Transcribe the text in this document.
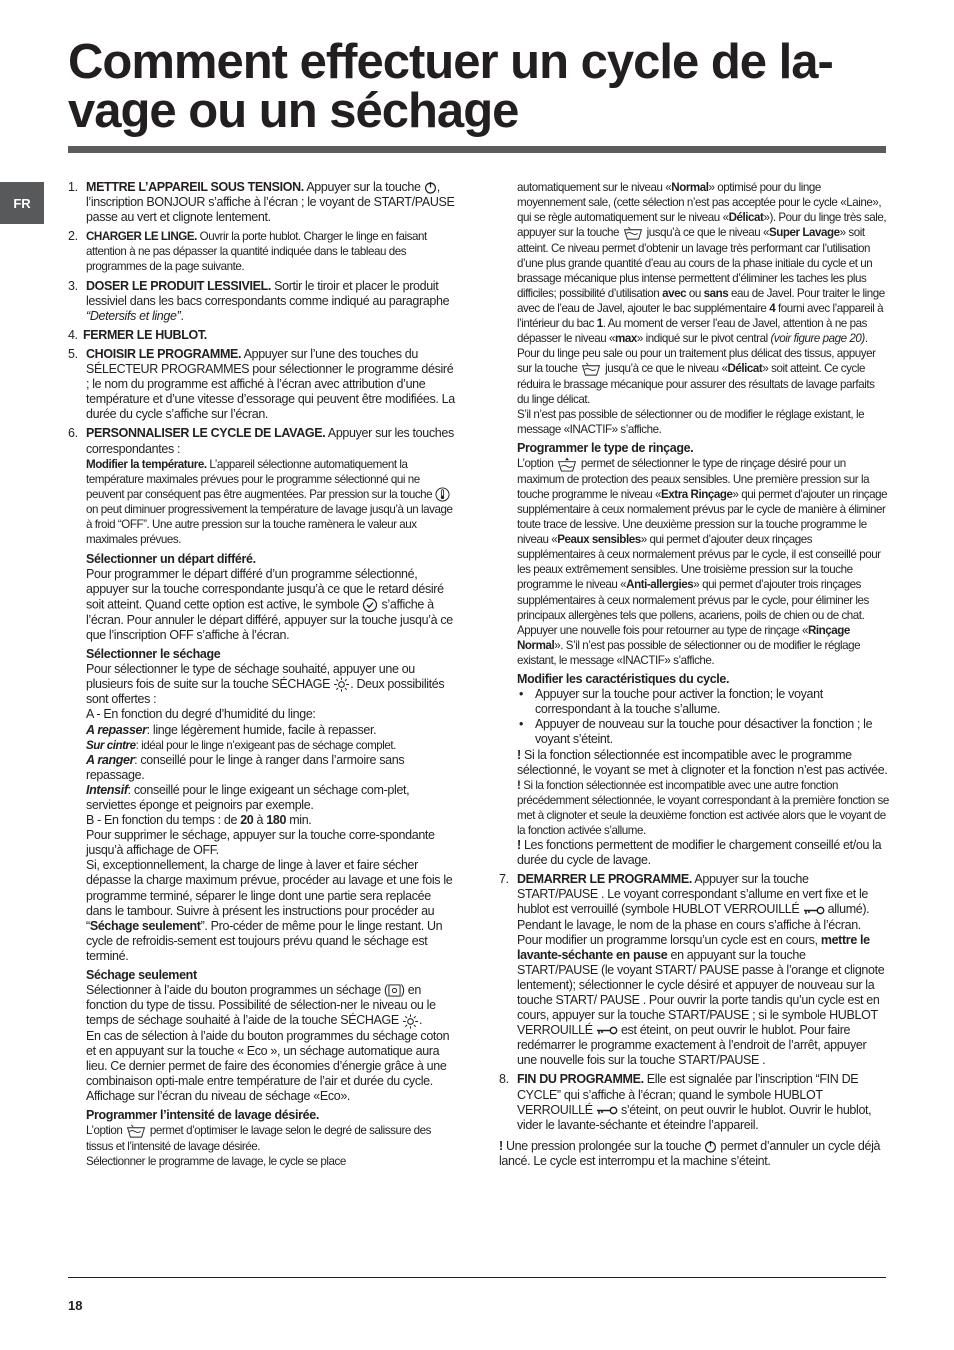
Comment effectuer un cycle de la-vage ou un séchage
FR
1. METTRE L’APPAREIL SOUS TENSION. Appuyer sur la touche , l’inscription BONJOUR s’affiche à l’écran ; le voyant de START/PAUSE passe au vert et clignote lentement.
2. CHARGER LE LINGE. Ouvrir la porte hublot. Charger le linge en faisant attention à ne pas dépasser la quantité indiquée dans le tableau des programmes de la page suivante.
3. DOSER LE PRODUIT LESSIVIEL. Sortir le tiroir et placer le produit lessiviel dans les bacs correspondants comme indiqué au paragraphe “Detersifs et linge”.
4. FERMER LE HUBLOT.
5. CHOISIR LE PROGRAMME. Appuyer sur l’une des touches du SÉLECTEUR PROGRAMMES pour sélectionner le programme désiré ; le nom du programme est affiché à l’écran avec attribution d’une température et d’une vitesse d’essorage qui peuvent être modifiées. La durée du cycle s’affiche sur l’écran.
6. PERSONNALISER LE CYCLE DE LAVAGE. Appuyer sur les touches correspondantes :
Modifier la température. L’appareil sélectionne automatiquement la température maximales prévues pour le programme sélectionné qui ne peuvent par conséquent pas être augmentées. Par pression sur la touche  on peut diminuer progressivement la température de lavage jusqu’à un lavage à froid “OFF”. Une autre pression sur la touche ramènera le valeur aux maximales prévues.
Sélectionner un départ différé.
Pour programmer le départ différé d’un programme sélectionné, appuyer sur la touche correspondante jusqu’à ce que le retard désiré soit atteint. Quand cette option est active, le symbole  s’affiche à l’écran. Pour annuler le départ différé, appuyer sur la touche jusqu’à ce que l’inscription OFF s’affiche à l’écran.
Sélectionner le séchage
Pour sélectionner le type de séchage souhaité, appuyer une ou plusieurs fois de suite sur la touche SÉCHAGE . Deux possibilités sont offertes :
A - En fonction du degré d’humidité du linge:
A repasser: linge légèrement humide, facile à repasser.
Sur cintre: idéal pour le linge n’exigeant pas de séchage complet.
A ranger: conseillé pour le linge à ranger dans l’armoire sans repassage.
Intensif: conseillé pour le linge exigeant un séchage com-plet, serviettes éponge et peignoirs par exemple.
B - En fonction du temps : de 20 à 180 min.
Pour supprimer le séchage, appuyer sur la touche corre-spondante jusqu’à affichage de OFF.
Si, exceptionnellement, la charge de linge à laver et faire sécher dépasse la charge maximum prévue, procéder au lavage et une fois le programme terminé, séparer le linge dont une partie sera replacée dans le tambour. Suivre à présent les instructions pour procéder au “Séchage seulement”. Pro-céder de même pour le linge restant. Un cycle de refroidis-sement est toujours prévu quand le séchage est terminé.
Séchage seulement
Sélectionner à l’aide du bouton programmes un séchage ( ) en fonction du type de tissu. Possibilité de sélection-ner le niveau ou le temps de séchage souhaité à l’aide de la touche SÉCHAGE .
En cas de sélection à l’aide du bouton programmes du séchage coton et en appuyant sur la touche « Eco », un séchage automatique aura lieu. Ce dernier permet de faire des économies d’énergie grâce à une combinaison opti-male entre température de l’air et durée du cycle. Affichage sur l’écran du niveau de séchage «Eco».
Programmer l’intensité de lavage désirée.
L’option  permet d’optimiser le lavage selon le degré de salissure des tissus et l’intensité de lavage désirée.
Sélectionner le programme de lavage, le cycle se place
automatiquement sur le niveau «Normal» optimisé pour du linge moyennement sale, (cette sélection n’est pas acceptée pour le cycle «Laine», qui se règle automatiquement sur le niveau «Délicat»). Pour du linge très sale, appuyer sur la touche  jusqu’à ce que le niveau «Super Lavage» soit atteint. Ce niveau permet d’obtenir un lavage très performant car l’utilisation d’une plus grande quantité d’eau au cours de la phase initiale du cycle et un brassage mécanique plus intense permettent d’éliminer les taches les plus difficiles; possibilité d’utilisation avec ou sans eau de Javel. Pour traiter le linge avec de l’eau de Javel, ajouter le bac supplémentaire 4 fourni avec l’appareil à l’intérieur du bac 1. Au moment de verser l’eau de Javel, attention à ne pas dépasser le niveau «max» indiqué sur le pivot central (voir figure page 20). Pour du linge peu sale ou pour un traitement plus délicat des tissus, appuyer sur la touche  jusqu’à ce que le niveau «Délicat» soit atteint. Ce cycle réduira le brassage mécanique pour assurer des résultats de lavage parfaits du linge délicat.
S’il n’est pas possible de sélectionner ou de modifier le réglage existant, le message «INACTIF» s’affiche.
Programmer le type de rinçage.
L’option  permet de sélectionner le type de rinçage désiré pour un maximum de protection des peaux sensibles. Une première pression sur la touche programme le niveau «Extra Rinçage» qui permet d’ajouter un rinçage supplémentaire à ceux normalement prévus par le cycle de manière à éliminer toute trace de lessive. Une deuxième pression sur la touche programme le niveau «Peaux sensibles» qui permet d’ajouter deux rinçages supplémentaires à ceux normalement prévus par le cycle, il est conseillé pour les peaux extrêmement sensibles. Une troisième pression sur la touche programme le niveau «Anti-allergies» qui permet d’ajouter trois rinçages supplémentaires à ceux normalement prévus par le cycle, pour éliminer les principaux allergènes tels que pollens, acariens, poils de chien ou de chat. Appuyer une nouvelle fois pour retourner au type de rinçage «Rinçage Normal». S’il n’est pas possible de sélectionner ou de modifier le réglage existant, le message «INACTIF» s’affiche.
Modifier les caractéristiques du cycle.
• Appuyer sur la touche pour activer la fonction; le voyant correspondant à la touche s’allume.
• Appuyer de nouveau sur la touche pour désactiver la fonction ; le voyant s’éteint.
! Si la fonction sélectionnée est incompatible avec le programme sélectionné, le voyant se met à clignoter et la fonction n’est pas activée.
! Si la fonction sélectionnée est incompatible avec une autre fonction précédemment sélectionnée, le voyant correspondant à la première fonction se met à clignoter et seule la deuxième fonction est activée alors que le voyant de la fonction activée s’allume.
! Les fonctions permettent de modifier le chargement conseillé et/ou la durée du cycle de lavage.
7. DEMARRER LE PROGRAMME. Appuyer sur la touche START/PAUSE . Le voyant correspondant s’allume en vert fixe et le hublot est verrouillé (symbole HUBLOT VERROUILLÉ  allumé). Pendant le lavage, le nom de la phase en cours s’affiche à l’écran. Pour modifier un programme lorsqu’un cycle est en cours, mettre le lavante-séchante en pause en appuyant sur la touche START/PAUSE (le voyant START/ PAUSE passe à l’orange et clignote lentement); sélectionner le cycle désiré et appuyer de nouveau sur la touche START/ PAUSE . Pour ouvrir la porte tandis qu’un cycle est en cours, appuyer sur la touche START/PAUSE ; si le symbole HUBLOT VERROUILLÉ  est éteint, on peut ouvrir le hublot. Pour faire redémarrer le programme exactement à l’endroit de l’arrêt, appuyer une nouvelle fois sur la touche START/PAUSE .
8. FIN DU PROGRAMME. Elle est signalée par l’inscription “FIN DE CYCLE” qui s’affiche à l’écran; quand le symbole HUBLOT VERROUILLÉ  s’éteint, on peut ouvrir le hublot. Ouvrir le hublot, vider le lavante-séchante et éteindre l’appareil.
! Une pression prolongée sur la touche  permet d’annuler un cycle déjà lancé. Le cycle est interrompu et la machine s’éteint.
18
